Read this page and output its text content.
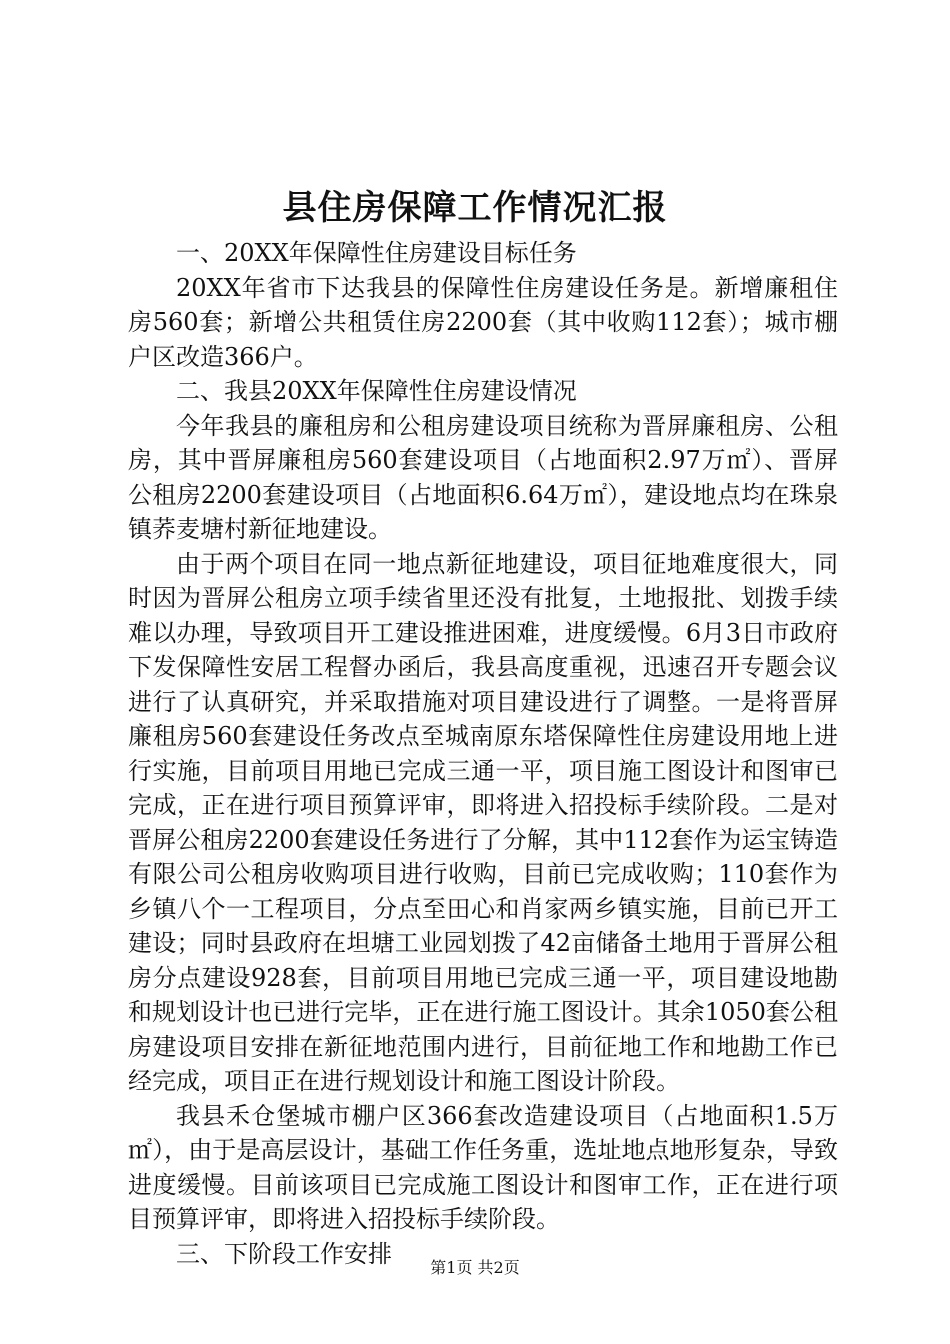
县住房保障工作情况汇报

一、20XX年保障性住房建设目标任务

20XX年省市下达我县的保障性住房建设任务是。新增廉租住房560套；新增公共租赁住房2200套（其中收购112套）；城市棚户区改造366户。

二、我县20XX年保障性住房建设情况

今年我县的廉租房和公租房建设项目统称为晋屏廉租房、公租房，其中晋屏廉租房560套建设项目（占地面积2.97万㎡）、晋屏公租房2200套建设项目（占地面积6.64万㎡），建设地点均在珠泉镇荞麦塘村新征地建设。

由于两个项目在同一地点新征地建设，项目征地难度很大，同时因为晋屏公租房立项手续省里还没有批复，土地报批、划拨手续难以办理，导致项目开工建设推进困难，进度缓慢。6月3日市政府下发保障性安居工程督办函后，我县高度重视，迅速召开专题会议进行了认真研究，并采取措施对项目建设进行了调整。一是将晋屏廉租房560套建设任务改点至城南原东塔保障性住房建设用地上进行实施，目前项目用地已完成三通一平，项目施工图设计和图审已完成，正在进行项目预算评审，即将进入招投标手续阶段。二是对晋屏公租房2200套建设任务进行了分解，其中112套作为运宝铸造有限公司公租房收购项目进行收购，目前已完成收购；110套作为乡镇八个一工程项目，分点至田心和肖家两乡镇实施，目前已开工建设；同时县政府在坦塘工业园划拨了42亩储备土地用于晋屏公租房分点建设928套，目前项目用地已完成三通一平，项目建设地勘和规划设计也已进行完毕，正在进行施工图设计。其余1050套公租房建设项目安排在新征地范围内进行，目前征地工作和地勘工作已经完成，项目正在进行规划设计和施工图设计阶段。

我县禾仓堡城市棚户区366套改造建设项目（占地面积1.5万㎡），由于是高层设计，基础工作任务重，选址地点地形复杂，导致进度缓慢。目前该项目已完成施工图设计和图审工作，正在进行项目预算评审，即将进入招投标手续阶段。

三、下阶段工作安排	第1页 共2页
